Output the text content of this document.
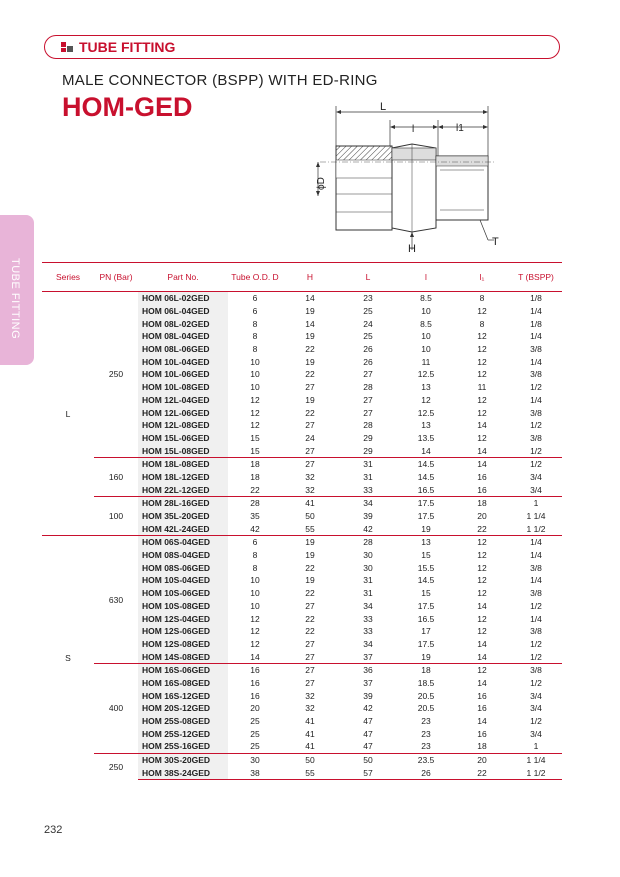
TUBE FITTING
MALE CONNECTOR (BSPP) WITH ED-RING
HOM-GED
TUBE FITTING
L
l	l1
ϕD
H
T
Series	PN (Bar)	Part No.	Tube O.D. D	H	L	l	l₁	T (BSPP)
L	250	HOM 06L-02GED	6	14	23	8.5	8	1/8
		HOM 06L-04GED	6	19	25	10	12	1/4
		HOM 08L-02GED	8	14	24	8.5	8	1/8
		HOM 08L-04GED	8	19	25	10	12	1/4
		HOM 08L-06GED	8	22	26	10	12	3/8
		HOM 10L-04GED	10	19	26	11	12	1/4
		HOM 10L-06GED	10	22	27	12.5	12	3/8
		HOM 10L-08GED	10	27	28	13	11	1/2
		HOM 12L-04GED	12	19	27	12	12	1/4
		HOM 12L-06GED	12	22	27	12.5	12	3/8
		HOM 12L-08GED	12	27	28	13	14	1/2
		HOM 15L-06GED	15	24	29	13.5	12	3/8
		HOM 15L-08GED	15	27	29	14	14	1/2
	160	HOM 18L-08GED	18	27	31	14.5	14	1/2
		HOM 18L-12GED	18	32	31	14.5	16	3/4
		HOM 22L-12GED	22	32	33	16.5	16	3/4
	100	HOM 28L-16GED	28	41	34	17.5	18	1
		HOM 35L-20GED	35	50	39	17.5	20	1 1/4
		HOM 42L-24GED	42	55	42	19	22	1 1/2
S	630	HOM 06S-04GED	6	19	28	13	12	1/4
		HOM 08S-04GED	8	19	30	15	12	1/4
		HOM 08S-06GED	8	22	30	15.5	12	3/8
		HOM 10S-04GED	10	19	31	14.5	12	1/4
		HOM 10S-06GED	10	22	31	15	12	3/8
		HOM 10S-08GED	10	27	34	17.5	14	1/2
		HOM 12S-04GED	12	22	33	16.5	12	1/4
		HOM 12S-06GED	12	22	33	17	12	3/8
		HOM 12S-08GED	12	27	34	17.5	14	1/2
		HOM 14S-08GED	14	27	37	19	14	1/2
	400	HOM 16S-06GED	16	27	36	18	12	3/8
		HOM 16S-08GED	16	27	37	18.5	14	1/2
		HOM 16S-12GED	16	32	39	20.5	16	3/4
		HOM 20S-12GED	20	32	42	20.5	16	3/4
		HOM 25S-08GED	25	41	47	23	14	1/2
		HOM 25S-12GED	25	41	47	23	16	3/4
		HOM 25S-16GED	25	41	47	23	18	1
	250	HOM 30S-20GED	30	50	50	23.5	20	1 1/4
		HOM 38S-24GED	38	55	57	26	22	1 1/2
232
